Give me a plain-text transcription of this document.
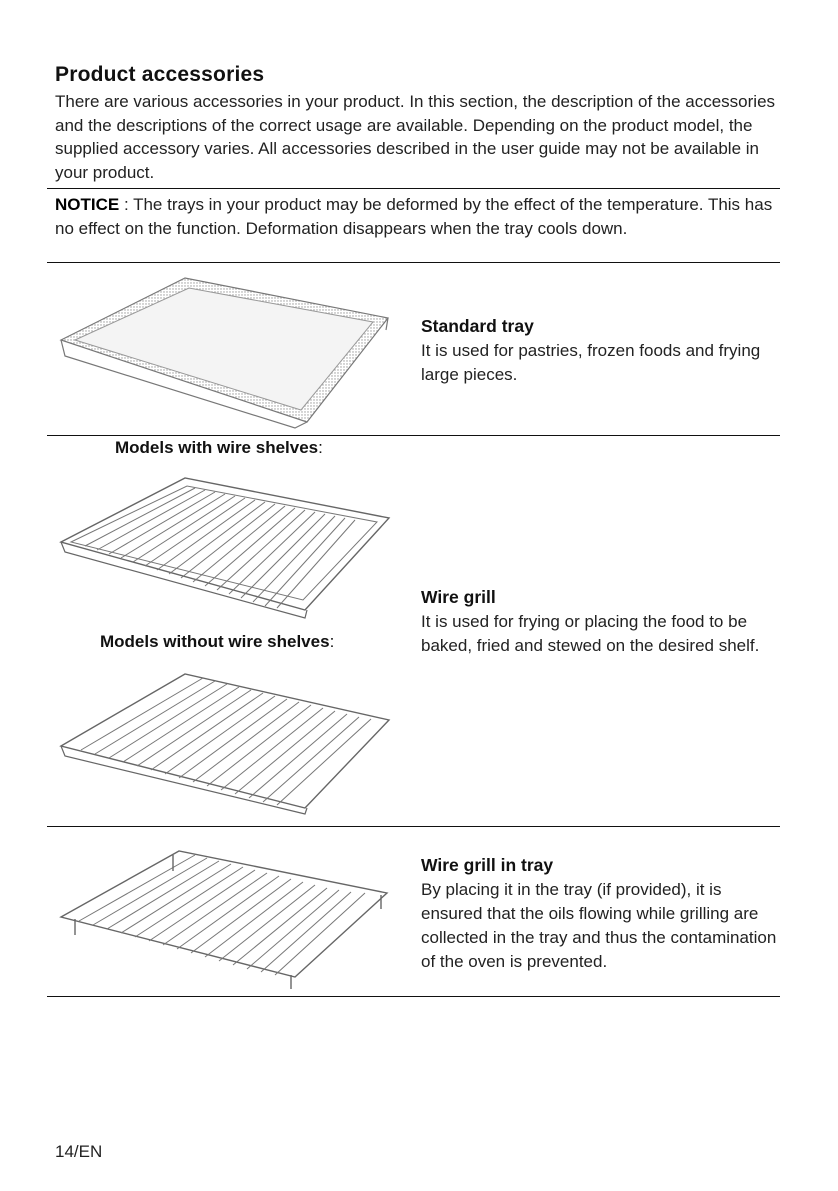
Product accessories
There are various accessories in your product. In this section, the description of the accessories and the descriptions of the correct usage are available. Depending on the product model, the supplied accessory varies. All accessories described in the user guide may not be available in your product.
NOTICE : The trays in your product may be deformed by the effect of the temperature. This has no effect on the function. Deformation disappears when the tray cools down.
Standard tray
It is used for pastries, frozen foods and frying large pieces.
Models with wire shelves:
Wire grill
It is used for frying or placing the food to be baked, fried and stewed on the desired shelf.
Models without wire shelves:
Wire grill in tray
By placing it in the tray (if provided), it is ensured that the oils flowing while grilling are collected in the tray and thus the contamination of the oven is prevented.
14/EN
